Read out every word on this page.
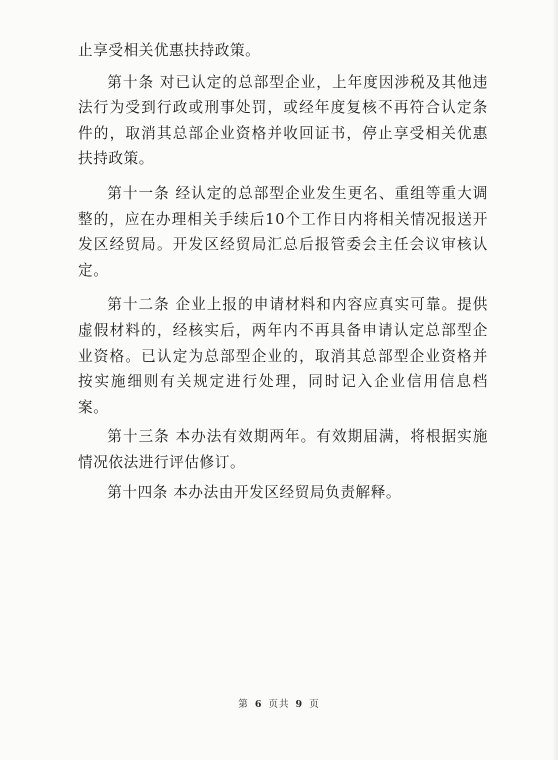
止享受相关优惠扶持政策。

第十条 对已认定的总部型企业，上年度因涉税及其他违法行为受到行政或刑事处罚，或经年度复核不再符合认定条件的，取消其总部企业资格并收回证书，停止享受相关优惠扶持政策。

第十一条 经认定的总部型企业发生更名、重组等重大调整的，应在办理相关手续后10个工作日内将相关情况报送开发区经贸局。开发区经贸局汇总后报管委会主任会议审核认定。

第十二条 企业上报的申请材料和内容应真实可靠。提供虚假材料的，经核实后，两年内不再具备申请认定总部型企业资格。已认定为总部型企业的，取消其总部型企业资格并按实施细则有关规定进行处理，同时记入企业信用信息档案。

第十三条 本办法有效期两年。有效期届满，将根据实施情况依法进行评估修订。

第十四条 本办法由开发区经贸局负责解释。

第 6 页共 9 页
